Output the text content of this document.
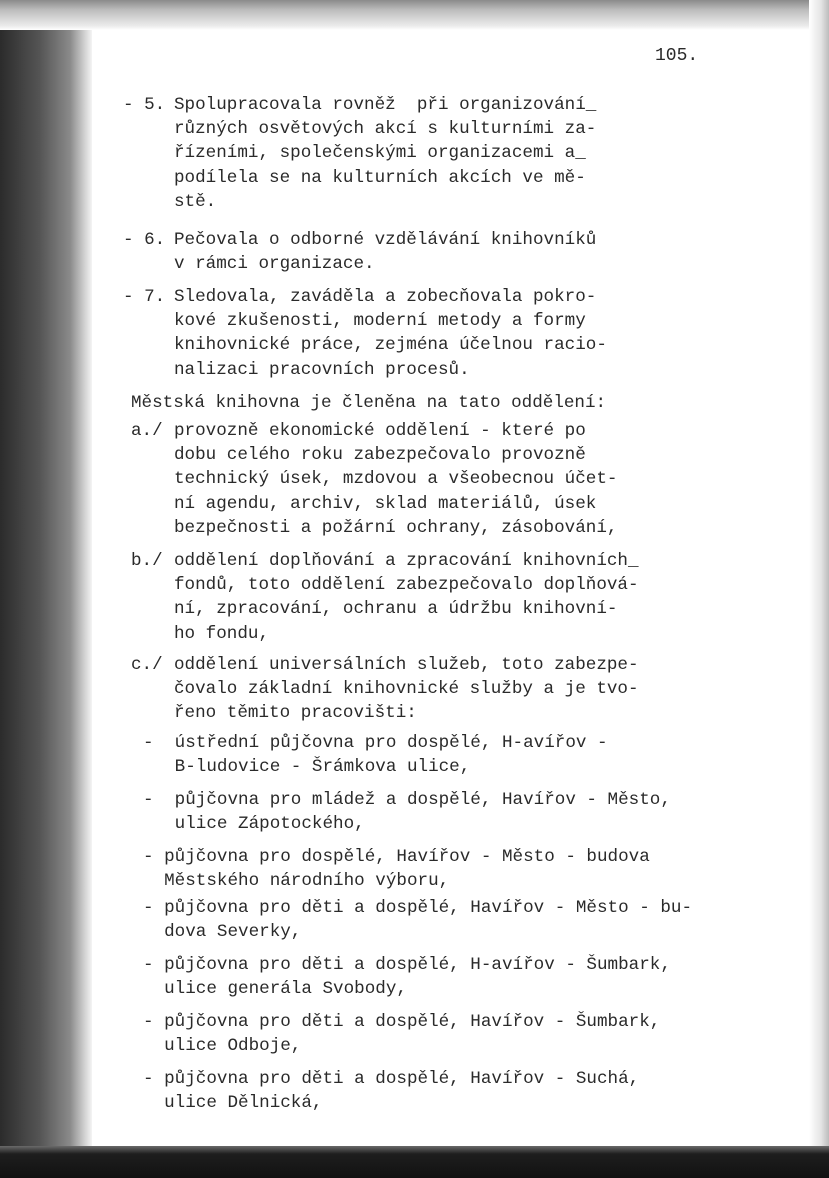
105.
- 5. Spolupracovala rovněž  při organizování_
různých osvětových akcí s kulturními za-
řízeními, společenskými organizacemi a_
podílela se na kulturních akcích ve mě-
stě.
- 6. Pečovala o odborné vzdělávání knihovníků
v rámci organizace.
- 7. Sledovala, zaváděla a zobecňovala pokro-
kové zkušenosti, moderní metody a formy
knihovnické práce, zejména účelnou racio-
nalizaci pracovních procesů.
Městská knihovna je členěna na tato oddělení:
a./ provozně ekonomické oddělení - které po
dobu celého roku zabezpečovalo provozně
technický úsek, mzdovou a všeobecnou účet-
ní agendu, archiv, sklad materiálů, úsek
bezpečnosti a požární ochrany, zásobování,
b./ oddělení doplňování a zpracování knihovních_
fondů, toto oddělení zabezpečovalo doplňová-
ní, zpracování, ochranu a údržbu knihovní-
ho fondu,
c./ oddělení universálních služeb, toto zabezpe-
čovalo základní knihovnické služby a je tvo-
řeno těmito pracovišti:
-  ústřední půjčovna pro dospělé, H-avířov -
B-ludovice - Šrámkova ulice,
-  půjčovna pro mládež a dospělé, Havířov - Město,
ulice Zápotockého,
- půjčovna pro dospělé, Havířov - Město - budova
Městského národního výboru,
- půjčovna pro děti a dospělé, Havířov - Město - bu-
dova Severky,
- půjčovna pro děti a dospělé, H-avířov - Šumbark,
ulice generála Svobody,
- půjčovna pro děti a dospělé, Havířov - Šumbark,
ulice Odboje,
- půjčovna pro děti a dospělé, Havířov - Suchá,
ulice Dělnická,
